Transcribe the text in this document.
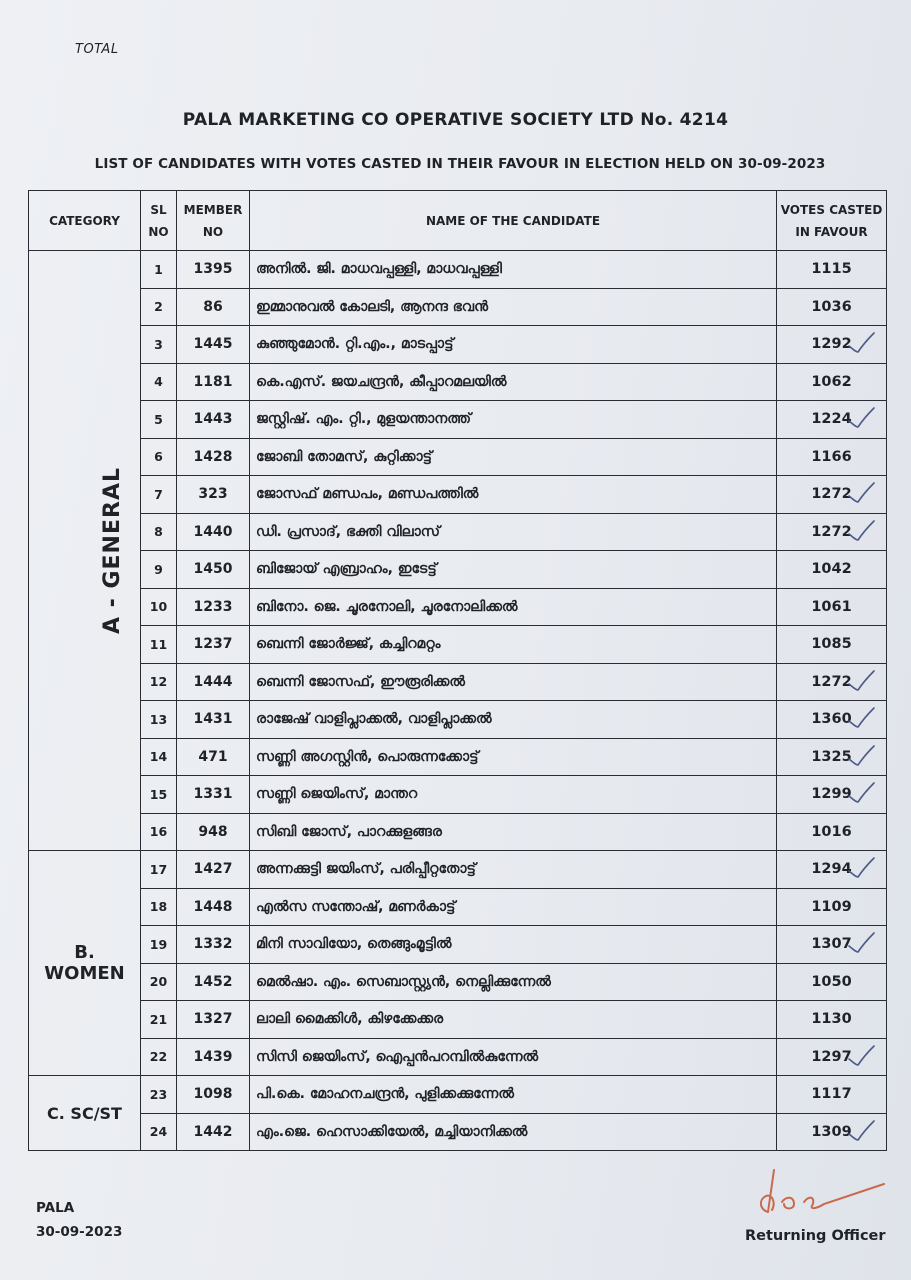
TOTAL
PALA MARKETING CO OPERATIVE SOCIETY LTD No. 4214
LIST OF CANDIDATES WITH VOTES CASTED IN THEIR FAVOUR IN ELECTION HELD ON 30-09-2023
CATEGORY	SL NO	MEMBER NO	NAME OF THE CANDIDATE	VOTES CASTED IN FAVOUR
A - GENERAL	1	1395	അനിൽ. ജി. മാധവപ്പള്ളി, മാധവപ്പള്ളി	1115
	2	86	ഇമ്മാനുവൽ കോലടി, ആനന്ദ ഭവൻ	1036
	3	1445	കുഞ്ഞുമോൻ. റ്റി.എം., മാടപ്പാട്ട്	1292

	4	1181	കെ.എസ്. ജയചന്ദ്രൻ, കീപ്പാറമലയിൽ	1062
	5	1443	ജസ്റ്റിഷ്. എം. റ്റി., മുളയന്താനത്ത്	1224

	6	1428	ജോബി തോമസ്, കുറ്റിക്കാട്ട്	1166
	7	323	ജോസഫ് മണ്ഡപം, മണ്ഡപത്തിൽ	1272

	8	1440	ഡി. പ്രസാദ്, ഭക്തി വിലാസ്	1272

	9	1450	ബിജോയ് എബ്രാഹം, ഇടേട്ട്	1042
	10	1233	ബിനോ. ജെ. ചൂരനോലി, ചൂരനോലിക്കൽ	1061
	11	1237	ബെന്നി ജോർജ്ജ്, കച്ചിറമറ്റം	1085
	12	1444	ബെന്നി ജോസഫ്, ഈരൂരിക്കൽ	1272

	13	1431	രാജേഷ് വാളിപ്ലാക്കൽ, വാളിപ്ലാക്കൽ	1360

	14	471	സണ്ണി അഗസ്റ്റിൻ, പൊരുന്നക്കോട്ട്	1325

	15	1331	സണ്ണി ജെയിംസ്, മാന്തറ	1299

	16	948	സിബി ജോസ്, പാറക്കുളങ്ങര	1016

B.
WOMEN	17	1427	അന്നക്കുട്ടി ജയിംസ്, പരിപ്പീറ്റതോട്ട്	1294

	18	1448	എൽസ സന്തോഷ്, മണർകാട്ട്	1109
	19	1332	മിനി സാവിയോ, തെങ്ങുംമൂട്ടിൽ	1307

	20	1452	മെൽഷാ. എം. സെബാസ്റ്റ്യൻ, നെല്ലിക്കുന്നേൽ	1050
	21	1327	ലാലി മൈക്കിൾ, കിഴക്കേക്കര	1130
	22	1439	സിസി ജെയിംസ്, ഐപ്പൻപറമ്പിൽകുന്നേൽ	1297

C. SC/ST	23	1098	പി.കെ. മോഹനചന്ദ്രൻ, പുളിക്കക്കുന്നേൽ	1117
	24	1442	എം.ജെ. ഹെസാക്കിയേൽ, മച്ചിയാനിക്കൽ	1309
PALA
30-09-2023	Returning Officer
